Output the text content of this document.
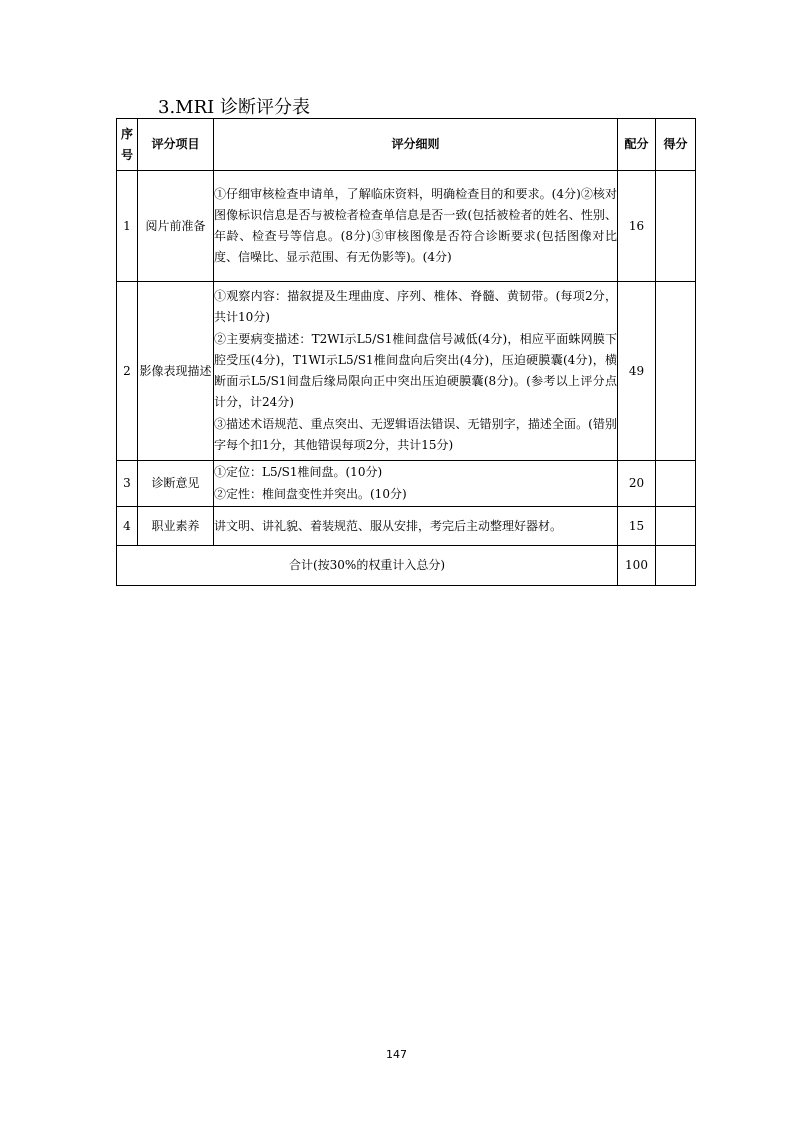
3.MRI 诊断评分表
序号	评分项目	评分细则	配分	得分
1	阅片前准备	①仔细审核检查申请单，了解临床资料，明确检查目的和要求。(4分)②核对图像标识信息是否与被检者检查单信息是否一致(包括被检者的姓名、性别、年龄、检查号等信息。(8分)③审核图像是否符合诊断要求(包括图像对比度、信噪比、显示范围、有无伪影等)。(4分)	16	
2	影像表现描述	①观察内容：描叙提及生理曲度、序列、椎体、脊髓、黄韧带。(每项2分，共计10分)
②主要病变描述：T2WI示L5/S1椎间盘信号减低(4分)，相应平面蛛网膜下腔受压(4分)，T1WI示L5/S1椎间盘向后突出(4分)，压迫硬膜囊(4分)，横断面示L5/S1间盘后缘局限向正中突出压迫硬膜囊(8分)。(参考以上评分点计分，计24分)
③描述术语规范、重点突出、无逻辑语法错误、无错别字，描述全面。(错别字每个扣1分，其他错误每项2分，共计15分)	49	
3	诊断意见	①定位：L5/S1椎间盘。(10分)
②定性：椎间盘变性并突出。(10分)	20	
4	职业素养	讲文明、讲礼貌、着装规范、服从安排，考完后主动整理好器材。	15	
合计(按30%的权重计入总分)			100	
147
